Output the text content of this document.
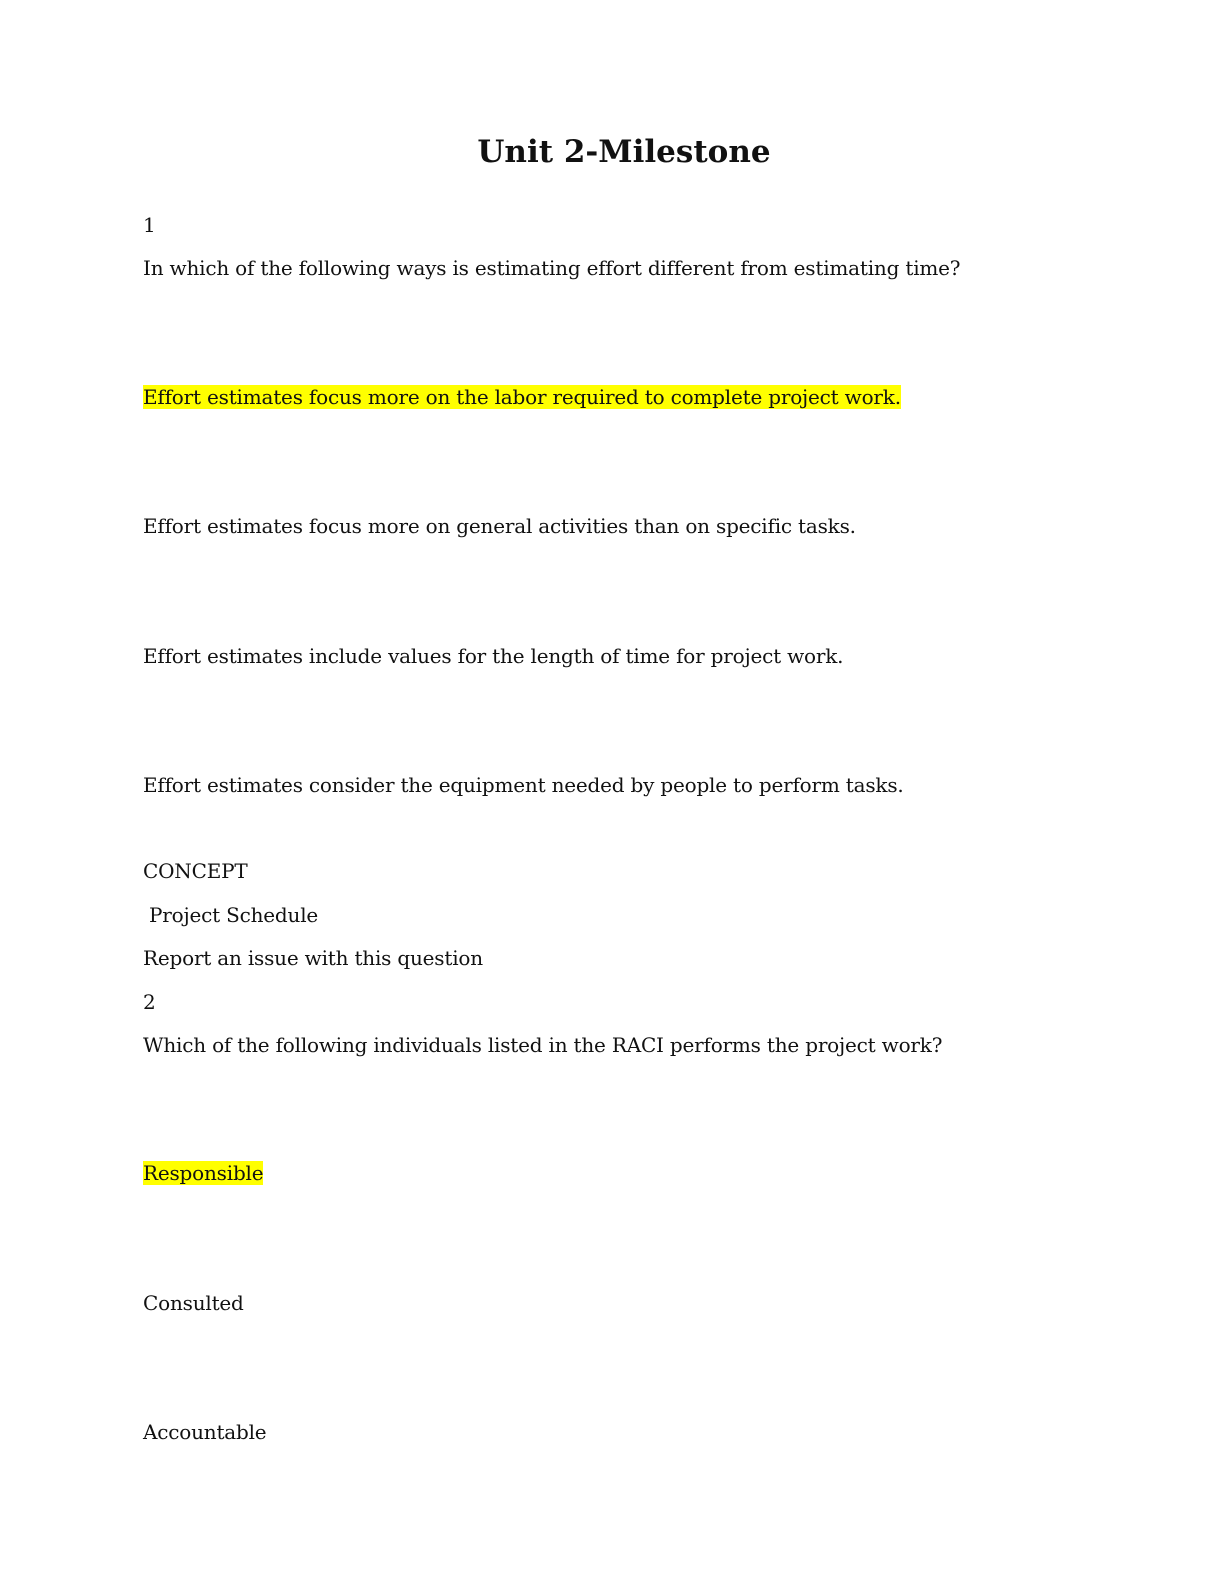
Unit 2-Milestone
1
In which of the following ways is estimating effort different from estimating time?
Effort estimates focus more on the labor required to complete project work.
Effort estimates focus more on general activities than on specific tasks.
Effort estimates include values for the length of time for project work.
Effort estimates consider the equipment needed by people to perform tasks.
CONCEPT
Project Schedule
Report an issue with this question
2
Which of the following individuals listed in the RACI performs the project work?
Responsible
Consulted
Accountable
